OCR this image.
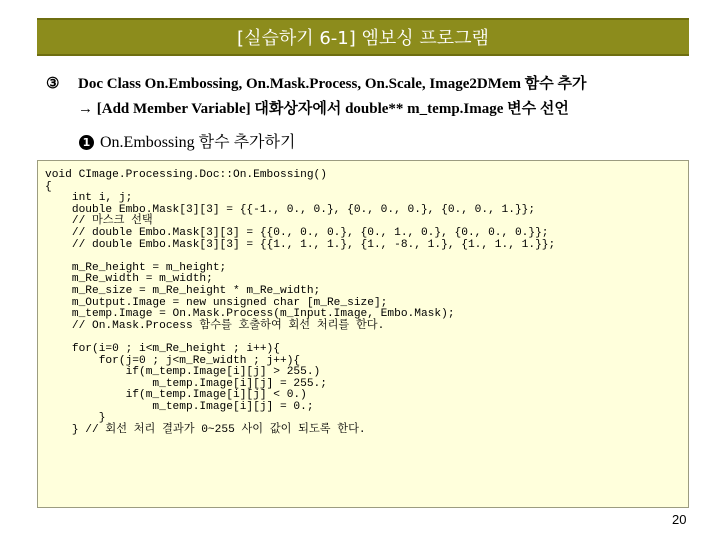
[실습하기 6-1] 엠보싱 프로그램
③ Doc Class On.Embossing, On.Mask.Process, On.Scale, Image2DMem 함수 추가
→ [Add Member Variable] 대화상자에서 double** m_temp.Image 변수 선언
1 On.Embossing 함수 추가하기
void CImage.Processing.Doc::On.Embossing()
{
int i, j;
double Embo.Mask[3][3] = {{-1., 0., 0.}, {0., 0., 0.}, {0., 0., 1.}};
// 마스크 선택
// double Embo.Mask[3][3] = {{0., 0., 0.}, {0., 1., 0.}, {0., 0., 0.}};
// double Embo.Mask[3][3] = {{1., 1., 1.}, {1., -8., 1.}, {1., 1., 1.}};
m_Re_height = m_height;
m_Re_width = m_width;
m_Re_size = m_Re_height * m_Re_width;
m_Output.Image = new unsigned char [m_Re_size];
m_temp.Image = On.Mask.Process(m_Input.Image, Embo.Mask);
// On.Mask.Process 함수를 호출하여 회선 처리를 한다.
for(i=0 ; i<m_Re_height ; i++){
for(j=0 ; j<m_Re_width ; j++){
if(m_temp.Image[i][j] > 255.)
m_temp.Image[i][j] = 255.;
if(m_temp.Image[i][j] < 0.)
m_temp.Image[i][j] = 0.;
}
} // 회선 처리 결과가 0~255 사이 값이 되도록 한다.
20
